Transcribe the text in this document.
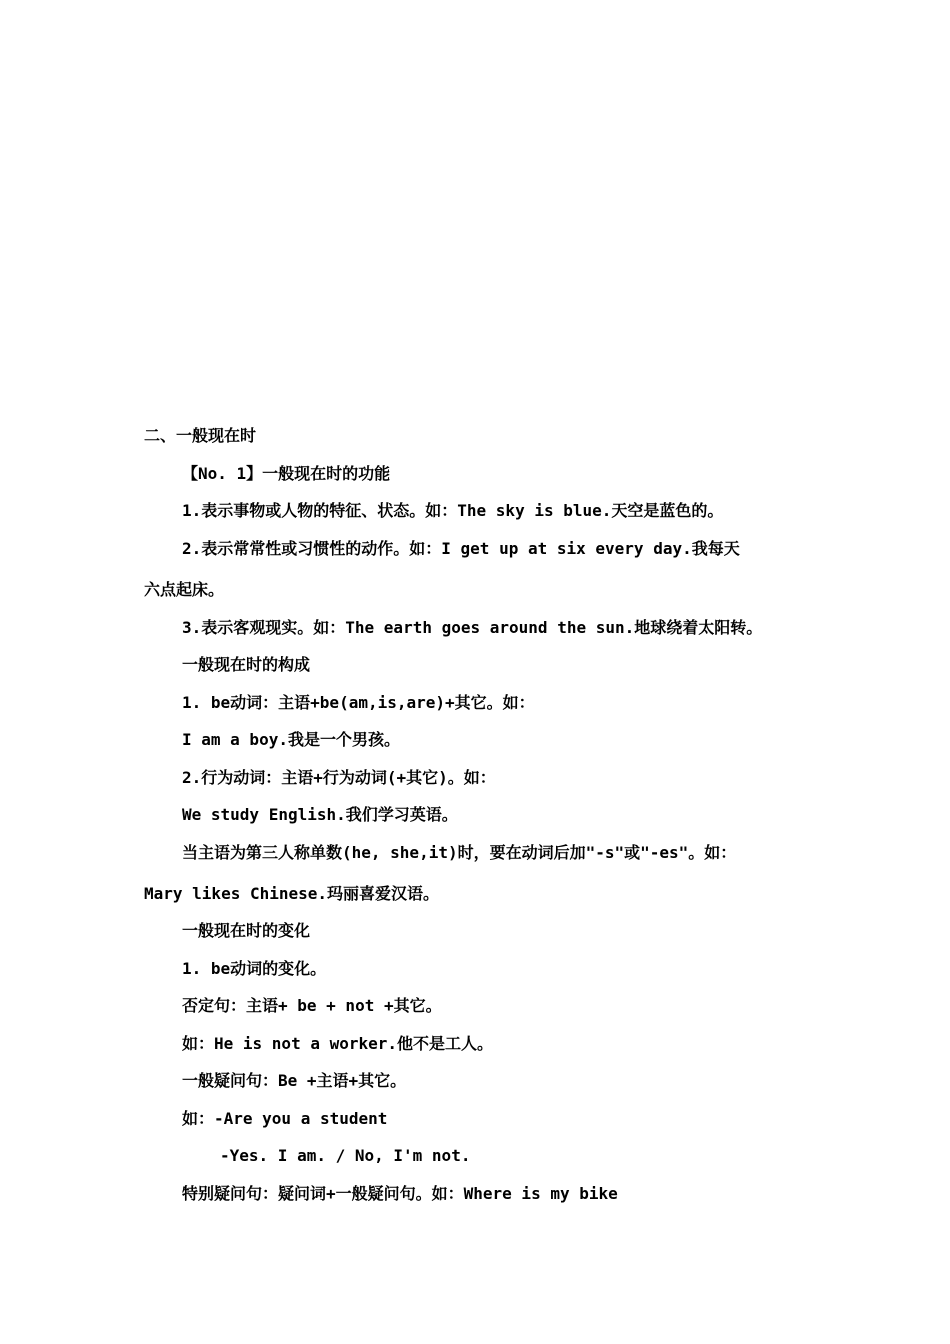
二、一般现在时
【No. 1】一般现在时的功能
1.表示事物或人物的特征、状态。如：The sky is blue.天空是蓝色的。
2.表示常常性或习惯性的动作。如：I get up at six every day.我每天
六点起床。
3.表示客观现实。如：The earth goes around the sun.地球绕着太阳转。
一般现在时的构成
1. be动词：主语+be(am,is,are)+其它。如：
I am a boy.我是一个男孩。
2.行为动词：主语+行为动词(+其它)。如：
We study English.我们学习英语。
当主语为第三人称单数(he, she,it)时，要在动词后加"-s"或"-es"。如：
Mary likes Chinese.玛丽喜爱汉语。
一般现在时的变化
1. be动词的变化。
否定句：主语+ be + not +其它。
如：He is not a worker.他不是工人。
一般疑问句：Be +主语+其它。
如：-Are you a student
-Yes. I am. / No, I'm not.
特别疑问句：疑问词+一般疑问句。如：Where is my bike
